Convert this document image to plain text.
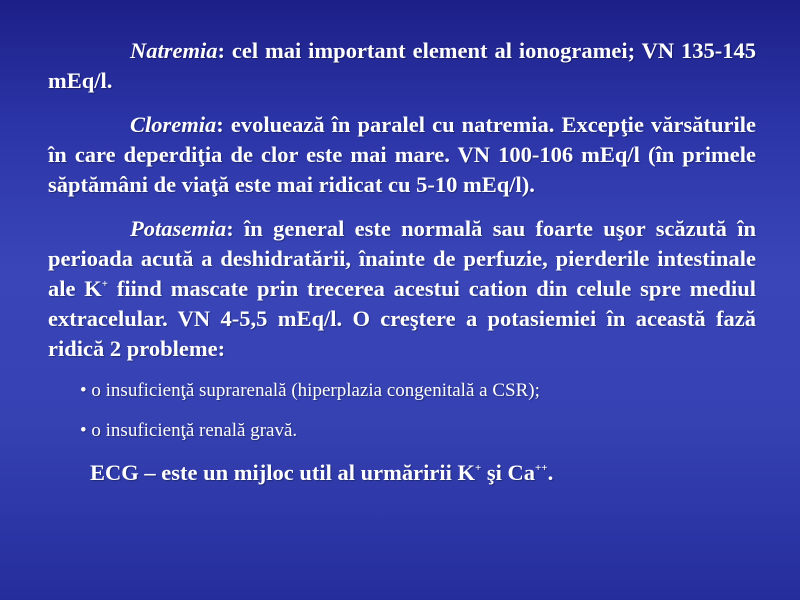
Natremia: cel mai important element al ionogramei; VN 135-145 mEq/l.

Cloremia: evoluează în paralel cu natremia. Excepţie vărsăturile în care deperdiţia de clor este mai mare. VN 100-106 mEq/l (în primele săptămâni de viaţă este mai ridicat cu 5-10 mEq/l).

Potasemia: în general este normală sau foarte uşor scăzută în perioada acută a deshidratării, înainte de perfuzie, pierderile intestinale ale K+ fiind mascate prin trecerea acestui cation din celule spre mediul extracelular. VN 4-5,5 mEq/l. O creştere a potasiemiei în această fază ridică 2 probleme:

• o insuficienţă suprarenală (hiperplazia congenitală a CSR);
• o insuficienţă renală gravă.
ECG – este un mijloc util al urmăririi K+ şi Ca++.
